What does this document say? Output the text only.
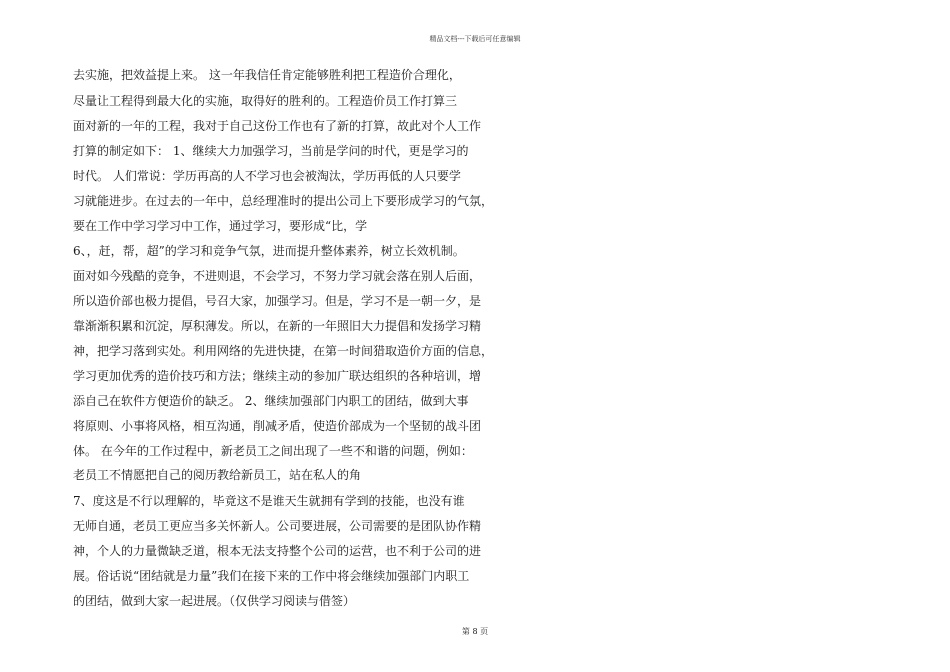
精品文档---下载后可任意编辑
去实施，把效益提上来。 这一年我信任肯定能够胜利把工程造价合理化，
尽量让工程得到最大化的实施，取得好的胜利的。工程造价员工作打算三
面对新的一年的工程，我对于自己这份工作也有了新的打算，故此对个人工作
打算的制定如下： 1、继续大力加强学习，当前是学问的时代，更是学习的
时代。 人们常说：学历再高的人不学习也会被淘汰，学历再低的人只要学
习就能进步。在过去的一年中，总经理准时的提出公司上下要形成学习的气氛，
要在工作中学习学习中工作，通过学习，要形成“比，学
6、，赶，帮，超”的学习和竞争气氛，进而提升整体素养，树立长效机制。
面对如今残酷的竞争，不进则退，不会学习，不努力学习就会落在别人后面，
所以造价部也极力提倡，号召大家，加强学习。但是，学习不是一朝一夕，是
靠渐渐积累和沉淀，厚积薄发。所以，在新的一年照旧大力提倡和发扬学习精
神，把学习落到实处。利用网络的先进快捷，在第一时间猎取造价方面的信息，
学习更加优秀的造价技巧和方法；继续主动的参加广联达组织的各种培训，增
添自己在软件方便造价的缺乏。 2、继续加强部门内职工的团结，做到大事
将原则、小事将风格，相互沟通，削减矛盾，使造价部成为一个坚韧的战斗团
体。 在今年的工作过程中，新老员工之间出现了一些不和谐的问题，例如：
老员工不情愿把自己的阅历教给新员工，站在私人的角
7、度这是不行以理解的，毕竟这不是谁天生就拥有学到的技能，也没有谁
无师自通，老员工更应当多关怀新人。公司要进展，公司需要的是团队协作精
神，个人的力量微缺乏道，根本无法支持整个公司的运营，也不利于公司的进
展。俗话说“团结就是力量”我们在接下来的工作中将会继续加强部门内职工
的团结，做到大家一起进展。（仅供学习阅读与借签）
第 8 页
